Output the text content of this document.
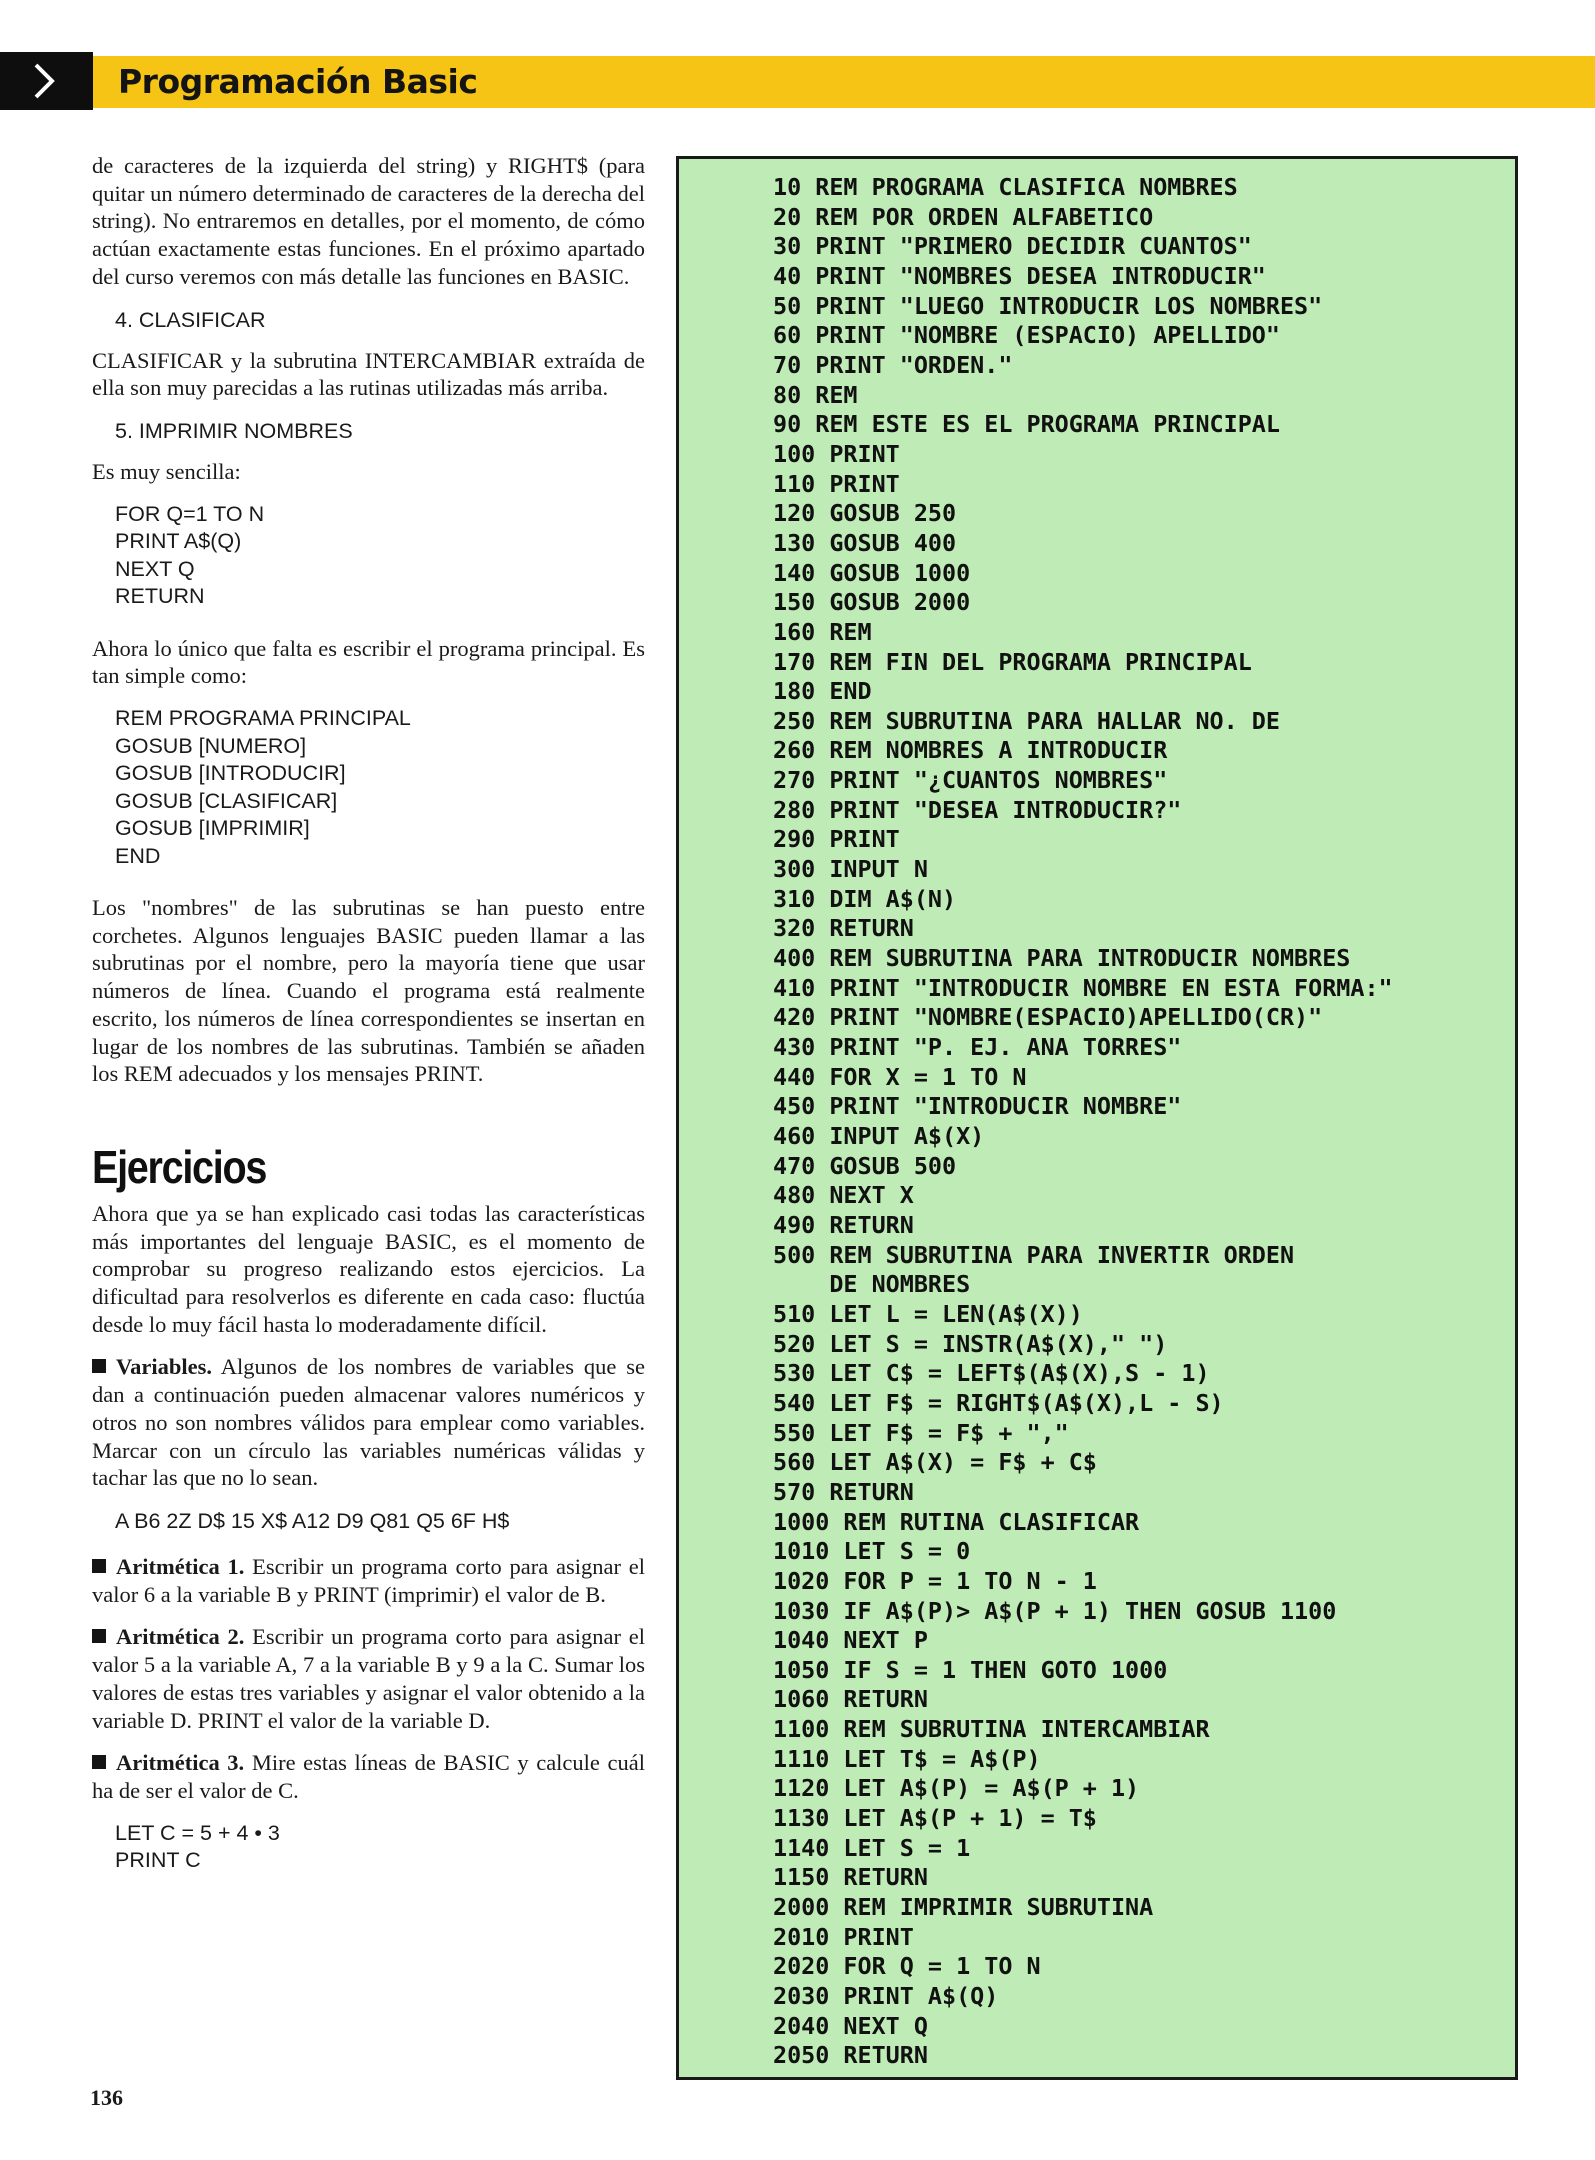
Programación Basic

de caracteres de la izquierda del string) y RIGHT$ (para quitar un número determinado de caracteres de la derecha del string). No entraremos en detalles, por el momento, de cómo actúan exactamente estas funciones. En el próximo apartado del curso veremos con más detalle las funciones en BASIC.

4. CLASIFICAR

CLASIFICAR y la subrutina INTERCAMBIAR extraída de ella son muy parecidas a las rutinas utilizadas más arriba.

5. IMPRIMIR NOMBRES

Es muy sencilla:

FOR Q=1 TO N
PRINT A$(Q)
NEXT Q
RETURN

Ahora lo único que falta es escribir el programa principal. Es tan simple como:

REM PROGRAMA PRINCIPAL
GOSUB [NUMERO]
GOSUB [INTRODUCIR]
GOSUB [CLASIFICAR]
GOSUB [IMPRIMIR]
END

Los "nombres" de las subrutinas se han puesto entre corchetes. Algunos lenguajes BASIC pueden llamar a las subrutinas por el nombre, pero la mayoría tiene que usar números de línea. Cuando el programa está realmente escrito, los números de línea correspondientes se insertan en lugar de los nombres de las subrutinas. También se añaden los REM adecuados y los mensajes PRINT.

Ejercicios

Ahora que ya se han explicado casi todas las características más importantes del lenguaje BASIC, es el momento de comprobar su progreso realizando estos ejercicios. La dificultad para resolverlos es diferente en cada caso: fluctúa desde lo muy fácil hasta lo moderadamente difícil.

Variables. Algunos de los nombres de variables que se dan a continuación pueden almacenar valores numéricos y otros no son nombres válidos para emplear como variables. Marcar con un círculo las variables numéricas válidas y tachar las que no lo sean.

A B6 2Z D$ 15 X$ A12 D9 Q81 Q5 6F H$

Aritmética 1. Escribir un programa corto para asignar el valor 6 a la variable B y PRINT (imprimir) el valor de B.

Aritmética 2. Escribir un programa corto para asignar el valor 5 a la variable A, 7 a la variable B y 9 a la C. Sumar los valores de estas tres variables y asignar el valor obtenido a la variable D. PRINT el valor de la variable D.

Aritmética 3. Mire estas líneas de BASIC y calcule cuál ha de ser el valor de C.

LET C = 5 + 4 • 3
PRINT C
136
10 REM PROGRAMA CLASIFICA NOMBRES
20 REM POR ORDEN ALFABETICO
30 PRINT "PRIMERO DECIDIR CUANTOS"
40 PRINT "NOMBRES DESEA INTRODUCIR"
50 PRINT "LUEGO INTRODUCIR LOS NOMBRES"
60 PRINT "NOMBRE (ESPACIO) APELLIDO"
70 PRINT "ORDEN."
80 REM
90 REM ESTE ES EL PROGRAMA PRINCIPAL
100 PRINT
110 PRINT
120 GOSUB 250
130 GOSUB 400
140 GOSUB 1000
150 GOSUB 2000
160 REM
170 REM FIN DEL PROGRAMA PRINCIPAL
180 END
250 REM SUBRUTINA PARA HALLAR NO. DE
260 REM NOMBRES A INTRODUCIR
270 PRINT "¿CUANTOS NOMBRES"
280 PRINT "DESEA INTRODUCIR?"
290 PRINT
300 INPUT N
310 DIM A$(N)
320 RETURN
400 REM SUBRUTINA PARA INTRODUCIR NOMBRES
410 PRINT "INTRODUCIR NOMBRE EN ESTA FORMA:"
420 PRINT "NOMBRE(ESPACIO)APELLIDO(CR)"
430 PRINT "P. EJ. ANA TORRES"
440 FOR X = 1 TO N
450 PRINT "INTRODUCIR NOMBRE"
460 INPUT A$(X)
470 GOSUB 500
480 NEXT X
490 RETURN
500 REM SUBRUTINA PARA INVERTIR ORDEN
DE NOMBRES
510 LET L = LEN(A$(X))
520 LET S = INSTR(A$(X)," ")
530 LET C$ = LEFT$(A$(X),S - 1)
540 LET F$ = RIGHT$(A$(X),L - S)
550 LET F$ = F$ + ","
560 LET A$(X) = F$ + C$
570 RETURN
1000 REM RUTINA CLASIFICAR
1010 LET S = 0
1020 FOR P = 1 TO N - 1
1030 IF A$(P)> A$(P + 1) THEN GOSUB 1100
1040 NEXT P
1050 IF S = 1 THEN GOTO 1000
1060 RETURN
1100 REM SUBRUTINA INTERCAMBIAR
1110 LET T$ = A$(P)
1120 LET A$(P) = A$(P + 1)
1130 LET A$(P + 1) = T$
1140 LET S = 1
1150 RETURN
2000 REM IMPRIMIR SUBRUTINA
2010 PRINT
2020 FOR Q = 1 TO N
2030 PRINT A$(Q)
2040 NEXT Q
2050 RETURN
